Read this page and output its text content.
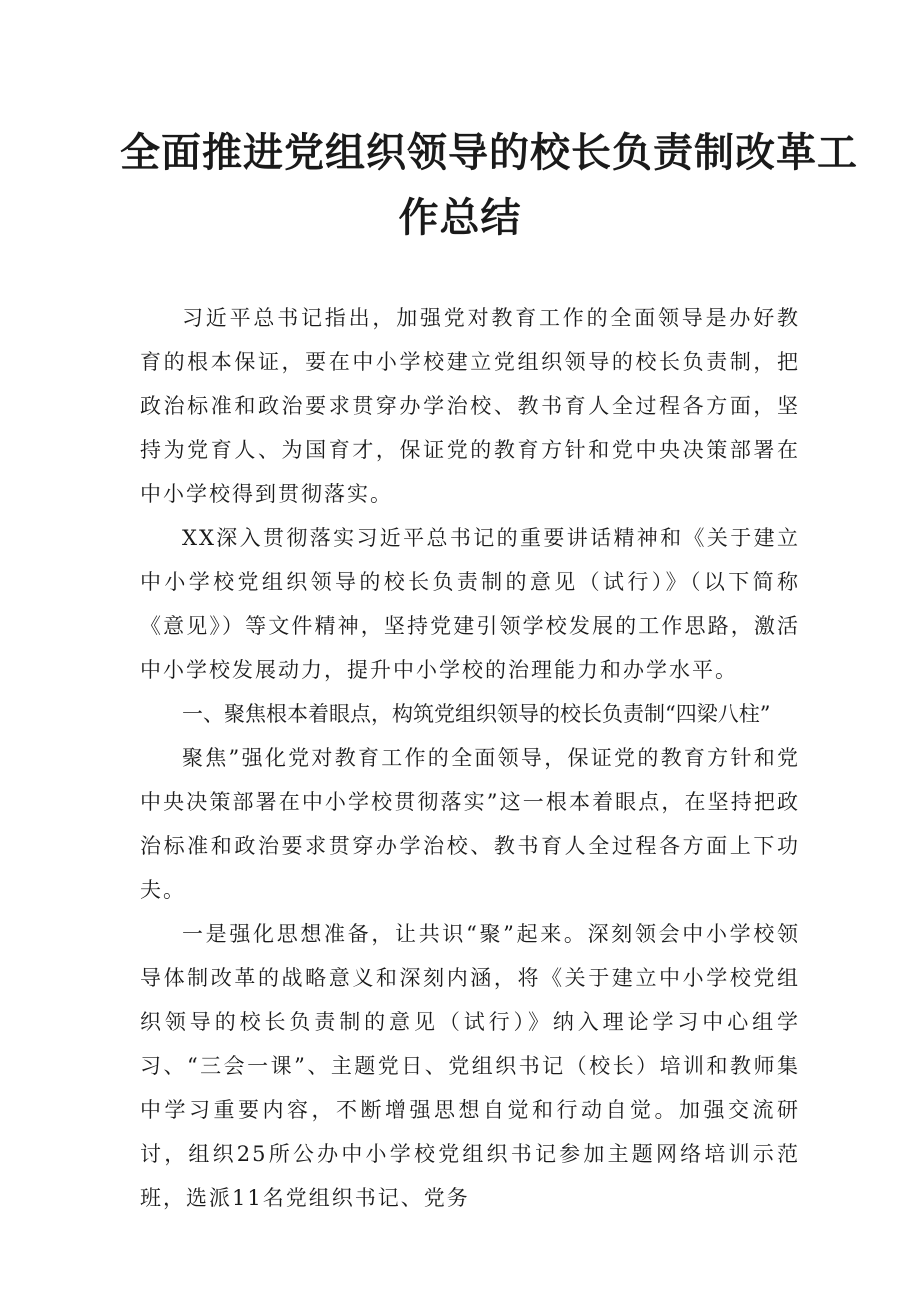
全面推进党组织领导的校长负责制改革工
作总结

习近平总书记指出，加强党对教育工作的全面领导是办好教育的根本保证，要在中小学校建立党组织领导的校长负责制，把政治标准和政治要求贯穿办学治校、教书育人全过程各方面，坚持为党育人、为国育才，保证党的教育方针和党中央决策部署在中小学校得到贯彻落实。

XX深入贯彻落实习近平总书记的重要讲话精神和《关于建立中小学校党组织领导的校长负责制的意见（试行）》（以下简称《意见》）等文件精神，坚持党建引领学校发展的工作思路，激活中小学校发展动力，提升中小学校的治理能力和办学水平。

一、聚焦根本着眼点，构筑党组织领导的校长负责制“四梁八柱”

聚焦”强化党对教育工作的全面领导，保证党的教育方针和党中央决策部署在中小学校贯彻落实”这一根本着眼点，在坚持把政治标准和政治要求贯穿办学治校、教书育人全过程各方面上下功夫。

一是强化思想准备，让共识“聚”起来。深刻领会中小学校领导体制改革的战略意义和深刻内涵，将《关于建立中小学校党组织领导的校长负责制的意见（试行）》纳入理论学习中心组学习、“三会一课”、主题党日、党组织书记（校长）培训和教师集中学习重要内容，不断增强思想自觉和行动自觉。加强交流研讨，组织25所公办中小学校党组织书记参加主题网络培训示范班，选派11名党组织书记、党务
